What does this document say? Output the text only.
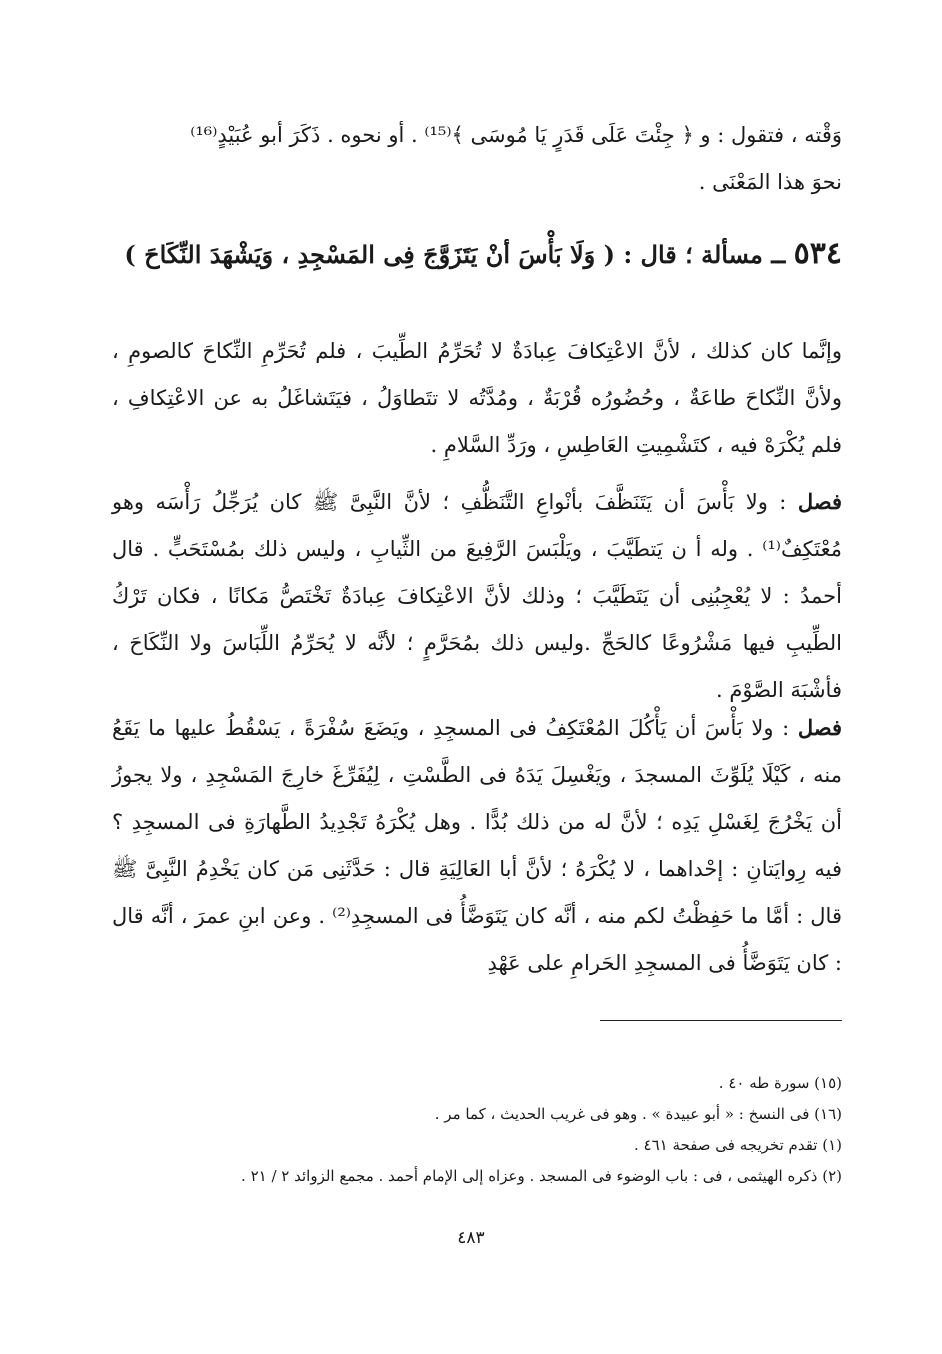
وَقْته ، فتقول : و ﴿ جِئْتَ عَلَى قَدَرٍ يَا مُوسَى ﴾⁽¹⁵⁾ . أو نحوه . ذَكَرَ أبو عُبَيْدٍ⁽¹⁶⁾
نحوَ هذا المَعْنَى .
٥٣٤ ــ مسألة ؛ قال : ( وَلَا بَأْسَ أنْ يَتَزَوَّجَ فِى المَسْجِدِ ، وَيَشْهَدَ النِّكَاحَ )
وإنَّما كان كذلك ، لأنَّ الاعْتِكافَ عِبادَةٌ لا تُحَرِّمُ الطِّيبَ ، فلم تُحَرِّمِ النِّكاحَ كالصومِ ، ولأنَّ النِّكاحَ طاعَةٌ ، وحُضُورُه قُرْبَةٌ ، ومُدَّتُه لا تتَطاوَلُ ، فيَتَشاغَلُ به عن الاعْتِكافِ ، فلم يُكْرَهْ فيه ، كتَشْمِيتِ العَاطِسِ ، ورَدِّ السَّلامِ .
فصل : ولا بَأْسَ أن يَتَنَظَّفَ بأنْواعِ التَّنَظُّفِ ؛ لأنَّ النَّبِىَّ ﷺ كان يُرَجِّلُ رَأْسَه وهو مُعْتَكِفٌ⁽¹⁾ . وله أ ن يَتطَيَّبَ ، ويَلْبَسَ الرَّفِيعَ من الثِّيابِ ، وليس ذلك بمُسْتَحَبٍّ . قال أحمدُ : لا يُعْجِبُنِى أن يَتَطَيَّبَ ؛ وذلك لأنَّ الاعْتِكافَ عِبادَةٌ تَخْتَصُّ مَكانًا ، فكان تَرْكُ الطِّيبِ فيها مَشْرُوعًا كالحَجِّ .وليس ذلك بمُحَرَّمٍ ؛ لأنَّه لا يُحَرِّمُ اللِّبَاسَ ولا النِّكَاحَ ، فأشْبَهَ الصَّوْمَ .
فصل : ولا بَأْسَ أن يَأْكُلَ المُعْتَكِفُ فى المسجِدِ ، ويَضَعَ سُفْرَةً ، يَسْقُطُ عليها ما يَقَعُ منه ، كَيْلَا يُلَوِّثَ المسجدَ ، ويَغْسِلَ يَدَهُ فى الطَّسْتِ ، لِيُفَرِّغَ خارِجَ المَسْجِدِ ، ولا يجوزُ أن يَخْرُجَ لِغَسْلِ يَدِه ؛ لأنَّ له من ذلك بُدًّا . وهل يُكْرَهُ تَجْدِيدُ الطَّهارَةِ فى المسجِدِ ؟ فيه رِوايَتانِ : إحْداهما ، لا يُكْرَهُ ؛ لأنَّ أبا العَالِيَةِ قال : حَدَّثَنِى مَن كان يَخْدِمُ النَّبِىَّ ﷺ قال : أمَّا ما حَفِظْتُ لكم منه ، أنَّه كان يَتَوَضَّأُ فى المسجِدِ⁽²⁾ . وعن ابنِ عمرَ ، أنَّه قال : كان يَتَوَضَّأُ فى المسجِدِ الحَرامِ على عَهْدِ
(١٥) سورة طه ٤٠ .
(١٦) فى النسخ : « أبو عبيدة » . وهو فى غريب الحديث ، كما مر .
(١) تقدم تخريجه فى صفحة ٤٦١ .
(٢) ذكره الهيثمى ، فى : باب الوضوء فى المسجد . وعزاه إلى الإمام أحمد . مجمع الزوائد ٢ / ٢١ .
٤٨٣
